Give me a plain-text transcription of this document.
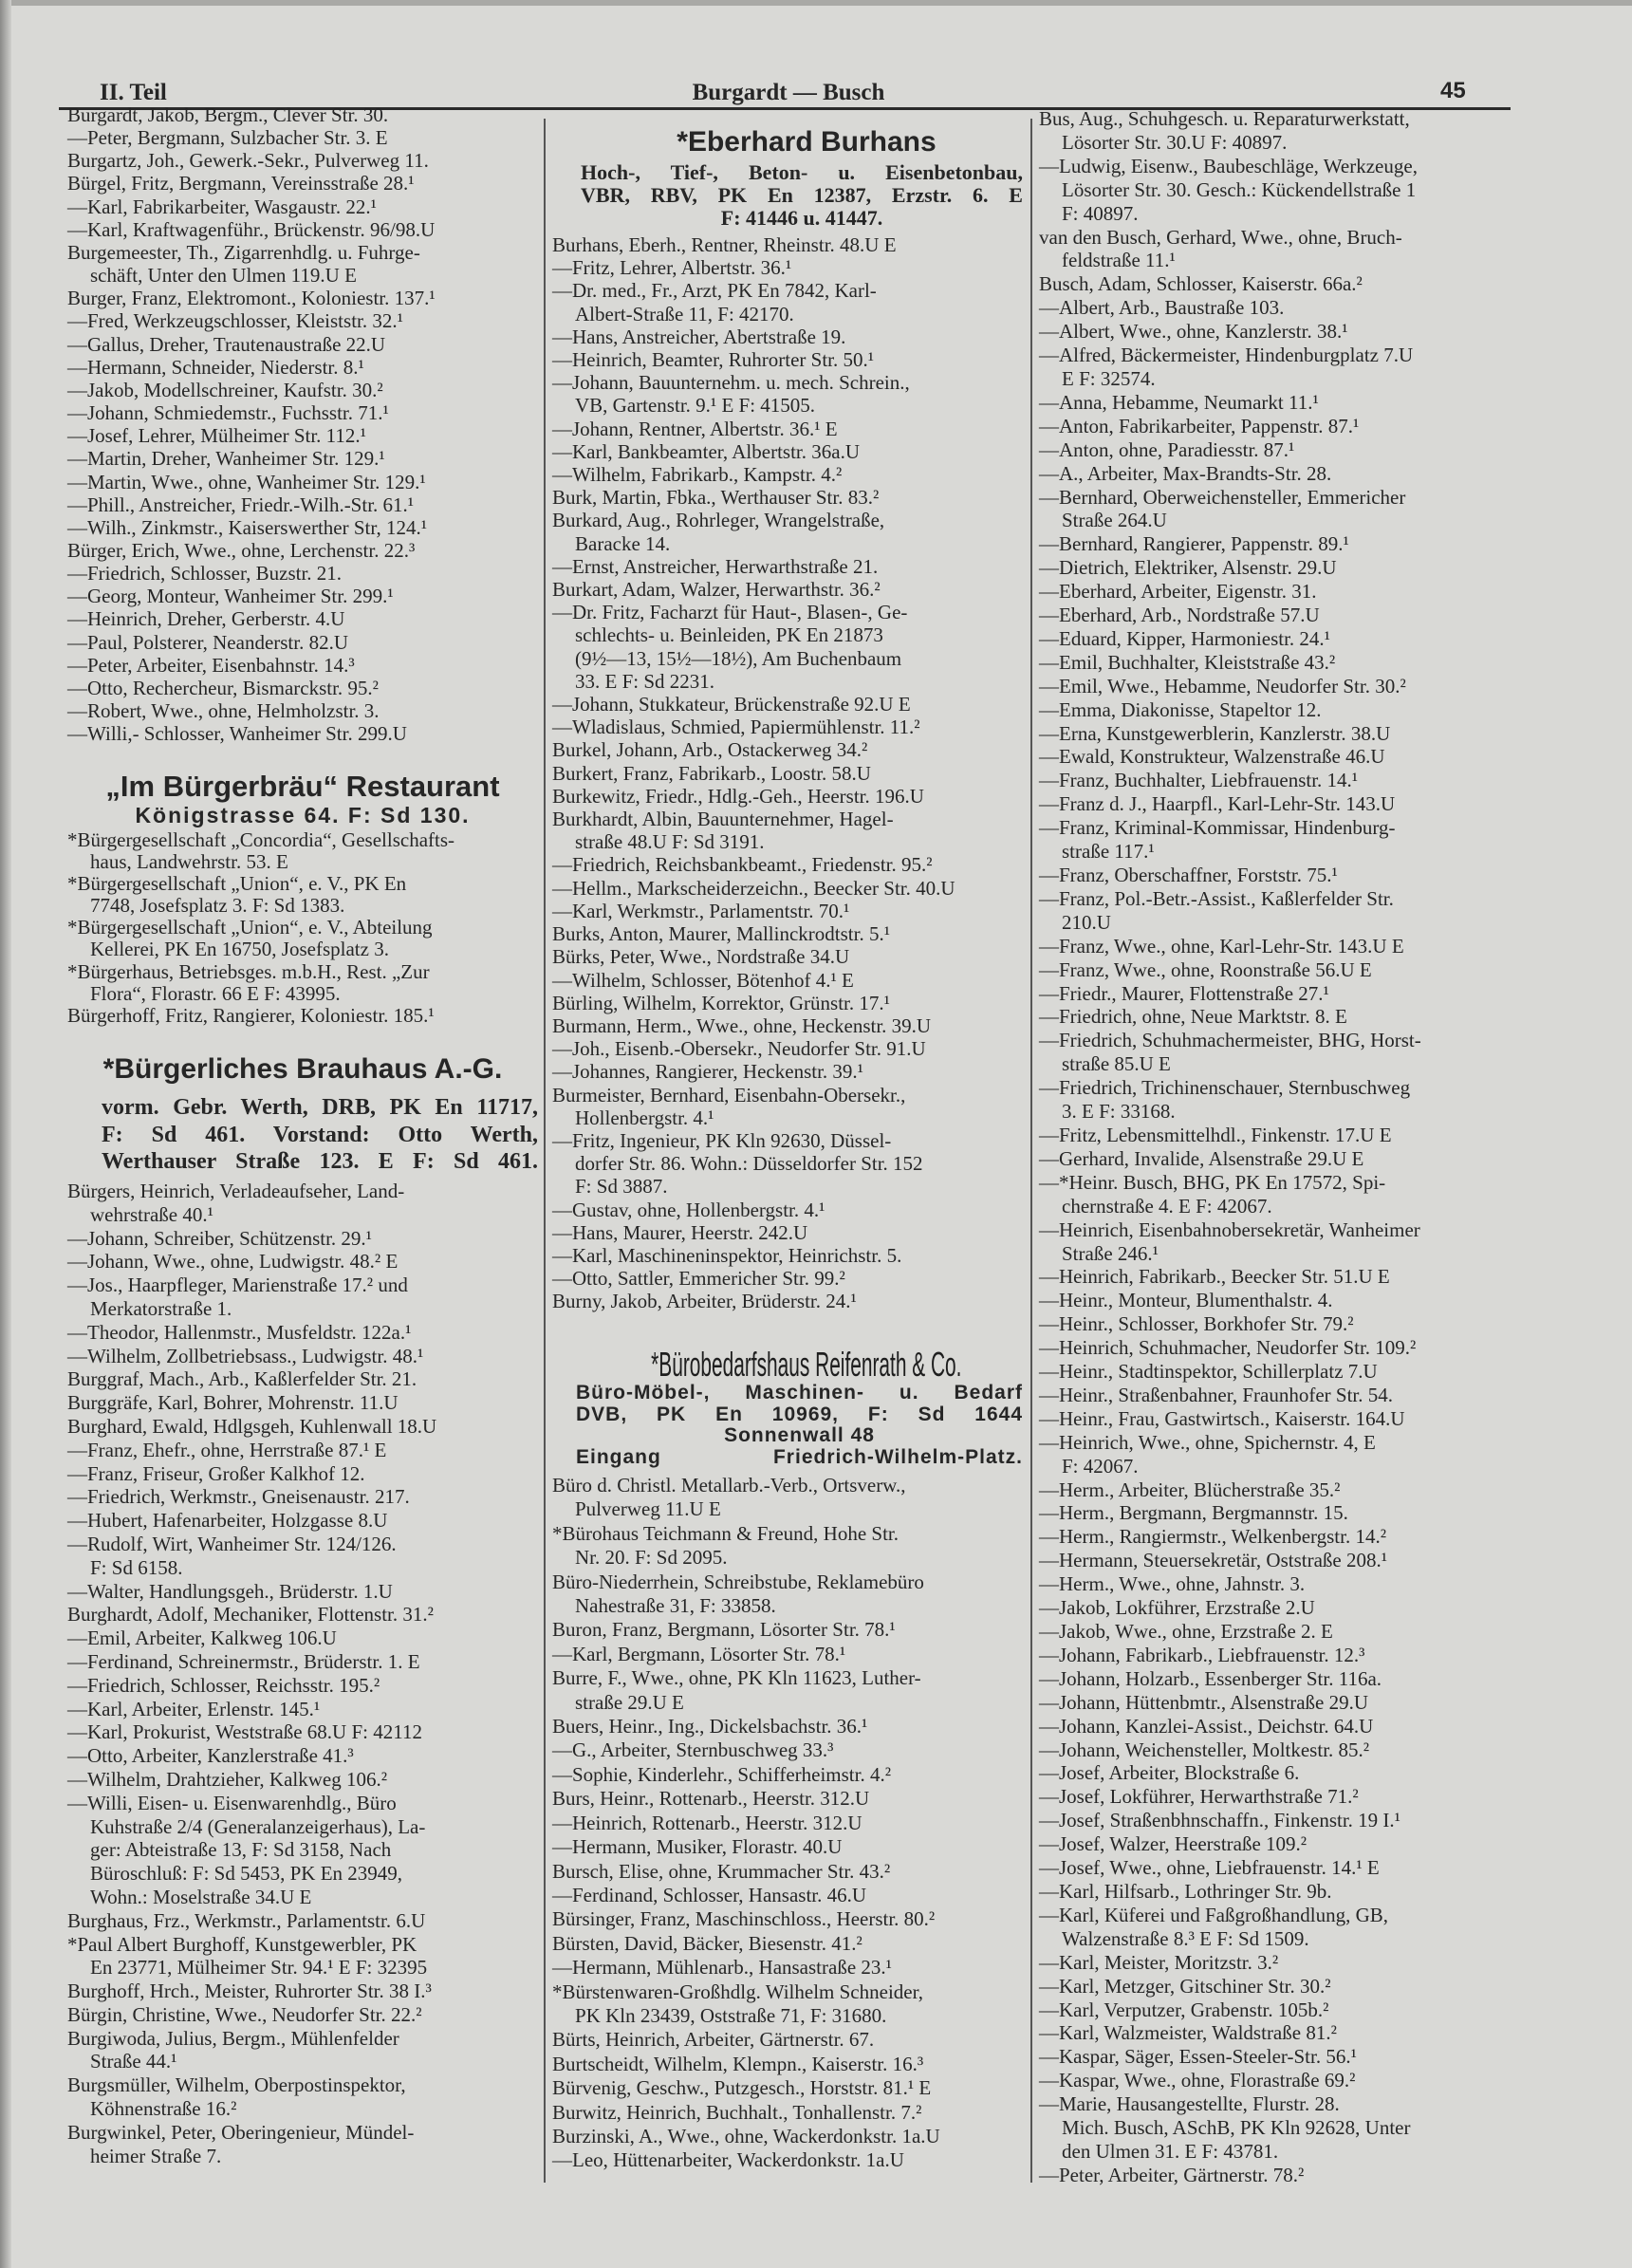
II. Teil	Burgardt — Busch	45
Burgardt, Jakob, Bergm., Clever Str. 30.
—Peter, Bergmann, Sulzbacher Str. 3. E
Burgartz, Joh., Gewerk.-Sekr., Pulverweg 11.
Bürgel, Fritz, Bergmann, Vereinsstraße 28.¹
—Karl, Fabrikarbeiter, Wasgaustr. 22.¹
—Karl, Kraftwagenführ., Brückenstr. 96/98.U
Burgemeester, Th., Zigarrenhdlg. u. Fuhrge-
schäft, Unter den Ulmen 119.U E
Burger, Franz, Elektromont., Koloniestr. 137.¹
—Fred, Werkzeugschlosser, Kleiststr. 32.¹
—Gallus, Dreher, Trautenaustraße 22.U
—Hermann, Schneider, Niederstr. 8.¹
—Jakob, Modellschreiner, Kaufstr. 30.²
—Johann, Schmiedemstr., Fuchsstr. 71.¹
—Josef, Lehrer, Mülheimer Str. 112.¹
—Martin, Dreher, Wanheimer Str. 129.¹
—Martin, Wwe., ohne, Wanheimer Str. 129.¹
—Phill., Anstreicher, Friedr.-Wilh.-Str. 61.¹
—Wilh., Zinkmstr., Kaiserswerther Str, 124.¹
Bürger, Erich, Wwe., ohne, Lerchenstr. 22.³
—Friedrich, Schlosser, Buzstr. 21.
—Georg, Monteur, Wanheimer Str. 299.¹
—Heinrich, Dreher, Gerberstr. 4.U
—Paul, Polsterer, Neanderstr. 82.U
—Peter, Arbeiter, Eisenbahnstr. 14.³
—Otto, Rechercheur, Bismarckstr. 95.²
—Robert, Wwe., ohne, Helmholzstr. 3.
—Willi,- Schlosser, Wanheimer Str. 299.U
„Im Bürgerbräu“ Restaurant
Königstrasse 64. F: Sd 130.
*Bürgergesellschaft „Concordia“, Gesellschafts-
haus, Landwehrstr. 53. E
*Bürgergesellschaft „Union“, e. V., PK En
7748, Josefsplatz 3. F: Sd 1383.
*Bürgergesellschaft „Union“, e. V., Abteilung
Kellerei, PK En 16750, Josefsplatz 3.
*Bürgerhaus, Betriebsges. m.b.H., Rest. „Zur
Flora“, Florastr. 66 E F: 43995.
Bürgerhoff, Fritz, Rangierer, Koloniestr. 185.¹
*Bürgerliches Brauhaus A.-G.
vorm. Gebr. Werth, DRB, PK En 11717,
F: Sd 461. Vorstand: Otto Werth,
Werthauser Straße 123. E F: Sd 461.
Bürgers, Heinrich, Verladeaufseher, Land-
wehrstraße 40.¹
—Johann, Schreiber, Schützenstr. 29.¹
—Johann, Wwe., ohne, Ludwigstr. 48.² E
—Jos., Haarpfleger, Marienstraße 17.² und
Merkatorstraße 1.
—Theodor, Hallenmstr., Musfeldstr. 122a.¹
—Wilhelm, Zollbetriebsass., Ludwigstr. 48.¹
Burggraf, Mach., Arb., Kaßlerfelder Str. 21.
Burggräfe, Karl, Bohrer, Mohrenstr. 11.U
Burghard, Ewald, Hdlgsgeh, Kuhlenwall 18.U
—Franz, Ehefr., ohne, Herrstraße 87.¹ E
—Franz, Friseur, Großer Kalkhof 12.
—Friedrich, Werkmstr., Gneisenaustr. 217.
—Hubert, Hafenarbeiter, Holzgasse 8.U
—Rudolf, Wirt, Wanheimer Str. 124/126.
F: Sd 6158.
—Walter, Handlungsgeh., Brüderstr. 1.U
Burghardt, Adolf, Mechaniker, Flottenstr. 31.²
—Emil, Arbeiter, Kalkweg 106.U
—Ferdinand, Schreinermstr., Brüderstr. 1. E
—Friedrich, Schlosser, Reichsstr. 195.²
—Karl, Arbeiter, Erlenstr. 145.¹
—Karl, Prokurist, Weststraße 68.U F: 42112
—Otto, Arbeiter, Kanzlerstraße 41.³
—Wilhelm, Drahtzieher, Kalkweg 106.²
—Willi, Eisen- u. Eisenwarenhdlg., Büro
Kuhstraße 2/4 (Generalanzeigerhaus), La-
ger: Abteistraße 13, F: Sd 3158, Nach
Büroschluß: F: Sd 5453, PK En 23949,
Wohn.: Moselstraße 34.U E
Burghaus, Frz., Werkmstr., Parlamentstr. 6.U
*Paul Albert Burghoff, Kunstgewerbler, PK
En 23771, Mülheimer Str. 94.¹ E F: 32395
Burghoff, Hrch., Meister, Ruhrorter Str. 38 I.³
Bürgin, Christine, Wwe., Neudorfer Str. 22.²
Burgiwoda, Julius, Bergm., Mühlenfelder
Straße 44.¹
Burgsmüller, Wilhelm, Oberpostinspektor,
Köhnenstraße 16.²
Burgwinkel, Peter, Oberingenieur, Mündel-
heimer Straße 7.
*Eberhard Burhans
Hoch-, Tief-, Beton- u. Eisenbetonbau,
VBR, RBV, PK En 12387, Erzstr. 6. E
F: 41446 u. 41447.
Burhans, Eberh., Rentner, Rheinstr. 48.U E
—Fritz, Lehrer, Albertstr. 36.¹
—Dr. med., Fr., Arzt, PK En 7842, Karl-
Albert-Straße 11, F: 42170.
—Hans, Anstreicher, Abertstraße 19.
—Heinrich, Beamter, Ruhrorter Str. 50.¹
—Johann, Bauunternehm. u. mech. Schrein.,
VB, Gartenstr. 9.¹ E F: 41505.
—Johann, Rentner, Albertstr. 36.¹ E
—Karl, Bankbeamter, Albertstr. 36a.U
—Wilhelm, Fabrikarb., Kampstr. 4.²
Burk, Martin, Fbka., Werthauser Str. 83.²
Burkard, Aug., Rohrleger, Wrangelstraße,
Baracke 14.
—Ernst, Anstreicher, Herwarthstraße 21.
Burkart, Adam, Walzer, Herwarthstr. 36.²
—Dr. Fritz, Facharzt für Haut-, Blasen-, Ge-
schlechts- u. Beinleiden, PK En 21873
(9½—13, 15½—18½), Am Buchenbaum
33. E F: Sd 2231.
—Johann, Stukkateur, Brückenstraße 92.U E
—Wladislaus, Schmied, Papiermühlenstr. 11.²
Burkel, Johann, Arb., Ostackerweg 34.²
Burkert, Franz, Fabrikarb., Loostr. 58.U
Burkewitz, Friedr., Hdlg.-Geh., Heerstr. 196.U
Burkhardt, Albin, Bauunternehmer, Hagel-
straße 48.U F: Sd 3191.
—Friedrich, Reichsbankbeamt., Friedenstr. 95.²
—Hellm., Markscheiderzeichn., Beecker Str. 40.U
—Karl, Werkmstr., Parlamentstr. 70.¹
Burks, Anton, Maurer, Mallinckrodtstr. 5.¹
Bürks, Peter, Wwe., Nordstraße 34.U
—Wilhelm, Schlosser, Bötenhof 4.¹ E
Bürling, Wilhelm, Korrektor, Grünstr. 17.¹
Burmann, Herm., Wwe., ohne, Heckenstr. 39.U
—Joh., Eisenb.-Obersekr., Neudorfer Str. 91.U
—Johannes, Rangierer, Heckenstr. 39.¹
Burmeister, Bernhard, Eisenbahn-Obersekr.,
Hollenbergstr. 4.¹
—Fritz, Ingenieur, PK Kln 92630, Düssel-
dorfer Str. 86. Wohn.: Düsseldorfer Str. 152
F: Sd 3887.
—Gustav, ohne, Hollenbergstr. 4.¹
—Hans, Maurer, Heerstr. 242.U
—Karl, Maschineninspektor, Heinrichstr. 5.
—Otto, Sattler, Emmericher Str. 99.²
Burny, Jakob, Arbeiter, Brüderstr. 24.¹
*Bürobedarfshaus Reifenrath & Co.
Büro-Möbel-, Maschinen- u. Bedarf
DVB, PK En 10969, F: Sd 1644
Sonnenwall 48
Eingang Friedrich-Wilhelm-Platz.
Büro d. Christl. Metallarb.-Verb., Ortsverw.,
Pulverweg 11.U E
*Bürohaus Teichmann & Freund, Hohe Str.
Nr. 20. F: Sd 2095.
Büro-Niederrhein, Schreibstube, Reklamebüro
Nahestraße 31, F: 33858.
Buron, Franz, Bergmann, Lösorter Str. 78.¹
—Karl, Bergmann, Lösorter Str. 78.¹
Burre, F., Wwe., ohne, PK Kln 11623, Luther-
straße 29.U E
Buers, Heinr., Ing., Dickelsbachstr. 36.¹
—G., Arbeiter, Sternbuschweg 33.³
—Sophie, Kinderlehr., Schifferheimstr. 4.²
Burs, Heinr., Rottenarb., Heerstr. 312.U
—Heinrich, Rottenarb., Heerstr. 312.U
—Hermann, Musiker, Florastr. 40.U
Bursch, Elise, ohne, Krummacher Str. 43.²
—Ferdinand, Schlosser, Hansastr. 46.U
Bürsinger, Franz, Maschinschloss., Heerstr. 80.²
Bürsten, David, Bäcker, Biesenstr. 41.²
—Hermann, Mühlenarb., Hansastraße 23.¹
*Bürstenwaren-Großhdlg. Wilhelm Schneider,
PK Kln 23439, Oststraße 71, F: 31680.
Bürts, Heinrich, Arbeiter, Gärtnerstr. 67.
Burtscheidt, Wilhelm, Klempn., Kaiserstr. 16.³
Bürvenig, Geschw., Putzgesch., Horststr. 81.¹ E
Burwitz, Heinrich, Buchhalt., Tonhallenstr. 7.²
Burzinski, A., Wwe., ohne, Wackerdonkstr. 1a.U
—Leo, Hüttenarbeiter, Wackerdonkstr. 1a.U
Bus, Aug., Schuhgesch. u. Reparaturwerkstatt,
Lösorter Str. 30.U F: 40897.
—Ludwig, Eisenw., Baubeschläge, Werkzeuge,
Lösorter Str. 30. Gesch.: Kückendellstraße 1
F: 40897.
van den Busch, Gerhard, Wwe., ohne, Bruch-
feldstraße 11.¹
Busch, Adam, Schlosser, Kaiserstr. 66a.²
—Albert, Arb., Baustraße 103.
—Albert, Wwe., ohne, Kanzlerstr. 38.¹
—Alfred, Bäckermeister, Hindenburgplatz 7.U
E F: 32574.
—Anna, Hebamme, Neumarkt 11.¹
—Anton, Fabrikarbeiter, Pappenstr. 87.¹
—Anton, ohne, Paradiesstr. 87.¹
—A., Arbeiter, Max-Brandts-Str. 28.
—Bernhard, Oberweichensteller, Emmericher
Straße 264.U
—Bernhard, Rangierer, Pappenstr. 89.¹
—Dietrich, Elektriker, Alsenstr. 29.U
—Eberhard, Arbeiter, Eigenstr. 31.
—Eberhard, Arb., Nordstraße 57.U
—Eduard, Kipper, Harmoniestr. 24.¹
—Emil, Buchhalter, Kleiststraße 43.²
—Emil, Wwe., Hebamme, Neudorfer Str. 30.²
—Emma, Diakonisse, Stapeltor 12.
—Erna, Kunstgewerblerin, Kanzlerstr. 38.U
—Ewald, Konstrukteur, Walzenstraße 46.U
—Franz, Buchhalter, Liebfrauenstr. 14.¹
—Franz d. J., Haarpfl., Karl-Lehr-Str. 143.U
—Franz, Kriminal-Kommissar, Hindenburg-
straße 117.¹
—Franz, Oberschaffner, Forststr. 75.¹
—Franz, Pol.-Betr.-Assist., Kaßlerfelder Str.
210.U
—Franz, Wwe., ohne, Karl-Lehr-Str. 143.U E
—Franz, Wwe., ohne, Roonstraße 56.U E
—Friedr., Maurer, Flottenstraße 27.¹
—Friedrich, ohne, Neue Marktstr. 8. E
—Friedrich, Schuhmachermeister, BHG, Horst-
straße 85.U E
—Friedrich, Trichinenschauer, Sternbuschweg
3. E F: 33168.
—Fritz, Lebensmittelhdl., Finkenstr. 17.U E
—Gerhard, Invalide, Alsenstraße 29.U E
—*Heinr. Busch, BHG, PK En 17572, Spi-
chernstraße 4. E F: 42067.
—Heinrich, Eisenbahnobersekretär, Wanheimer
Straße 246.¹
—Heinrich, Fabrikarb., Beecker Str. 51.U E
—Heinr., Monteur, Blumenthalstr. 4.
—Heinr., Schlosser, Borkhofer Str. 79.²
—Heinrich, Schuhmacher, Neudorfer Str. 109.²
—Heinr., Stadtinspektor, Schillerplatz 7.U
—Heinr., Straßenbahner, Fraunhofer Str. 54.
—Heinr., Frau, Gastwirtsch., Kaiserstr. 164.U
—Heinrich, Wwe., ohne, Spichernstr. 4, E
F: 42067.
—Herm., Arbeiter, Blücherstraße 35.²
—Herm., Bergmann, Bergmannstr. 15.
—Herm., Rangiermstr., Welkenbergstr. 14.²
—Hermann, Steuersekretär, Oststraße 208.¹
—Herm., Wwe., ohne, Jahnstr. 3.
—Jakob, Lokführer, Erzstraße 2.U
—Jakob, Wwe., ohne, Erzstraße 2. E
—Johann, Fabrikarb., Liebfrauenstr. 12.³
—Johann, Holzarb., Essenberger Str. 116a.
—Johann, Hüttenbmtr., Alsenstraße 29.U
—Johann, Kanzlei-Assist., Deichstr. 64.U
—Johann, Weichensteller, Moltkestr. 85.²
—Josef, Arbeiter, Blockstraße 6.
—Josef, Lokführer, Herwarthstraße 71.²
—Josef, Straßenbhnschaffn., Finkenstr. 19 I.¹
—Josef, Walzer, Heerstraße 109.²
—Josef, Wwe., ohne, Liebfrauenstr. 14.¹ E
—Karl, Hilfsarb., Lothringer Str. 9b.
—Karl, Küferei und Faßgroßhandlung, GB,
Walzenstraße 8.³ E F: Sd 1509.
—Karl, Meister, Moritzstr. 3.²
—Karl, Metzger, Gitschiner Str. 30.²
—Karl, Verputzer, Grabenstr. 105b.²
—Karl, Walzmeister, Waldstraße 81.²
—Kaspar, Säger, Essen-Steeler-Str. 56.¹
—Kaspar, Wwe., ohne, Florastraße 69.²
—Marie, Hausangestellte, Flurstr. 28.
Mich. Busch, ASchB, PK Kln 92628, Unter
den Ulmen 31. E F: 43781.
—Peter, Arbeiter, Gärtnerstr. 78.²
